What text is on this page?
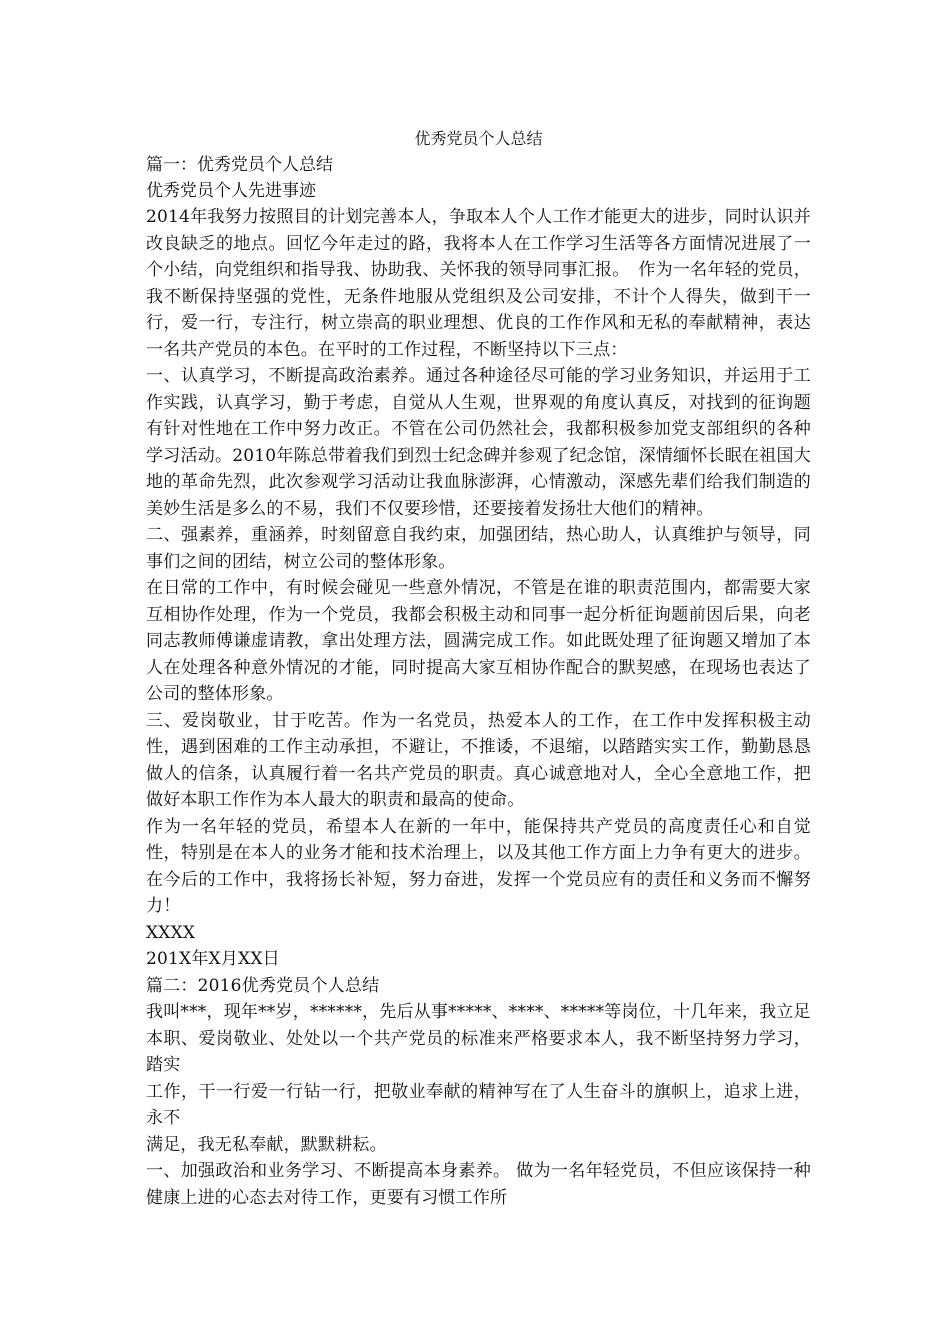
优秀党员个人总结

篇一：优秀党员个人总结

优秀党员个人先进事迹

2014年我努力按照目的计划完善本人，争取本人个人工作才能更大的进步，同时认识并改良缺乏的地点。回忆今年走过的路，我将本人在工作学习生活等各方面情况进展了一个小结，向党组织和指导我、协助我、关怀我的领导同事汇报。　作为一名年轻的党员，我不断保持坚强的党性，无条件地服从党组织及公司安排，不计个人得失，做到干一行，爱一行，专注行，树立崇高的职业理想、优良的工作作风和无私的奉献精神，表达一名共产党员的本色。在平时的工作过程，不断坚持以下三点：

一、认真学习，不断提高政治素养。通过各种途径尽可能的学习业务知识，并运用于工作实践，认真学习，勤于考虑，自觉从人生观，世界观的角度认真反，对找到的征询题有针对性地在工作中努力改正。不管在公司仍然社会，我都积极参加党支部组织的各种学习活动。2010年陈总带着我们到烈士纪念碑并参观了纪念馆，深情缅怀长眠在祖国大地的革命先烈，此次参观学习活动让我血脉澎湃，心情激动，深感先辈们给我们制造的美妙生活是多么的不易，我们不仅要珍惜，还要接着发扬壮大他们的精神。

二、强素养，重涵养，时刻留意自我约束，加强团结，热心助人，认真维护与领导，同事们之间的团结，树立公司的整体形象。

在日常的工作中，有时候会碰见一些意外情况，不管是在谁的职责范围内，都需要大家互相协作处理，作为一个党员，我都会积极主动和同事一起分析征询题前因后果，向老同志教师傅谦虚请教，拿出处理方法，圆满完成工作。如此既处理了征询题又增加了本人在处理各种意外情况的才能，同时提高大家互相协作配合的默契感，在现场也表达了公司的整体形象。

三、爱岗敬业，甘于吃苦。作为一名党员，热爱本人的工作，在工作中发挥积极主动性，遇到困难的工作主动承担，不避让，不推诿，不退缩，以踏踏实实工作，勤勤恳恳做人的信条，认真履行着一名共产党员的职责。真心诚意地对人，全心全意地工作，把做好本职工作作为本人最大的职责和最高的使命。

作为一名年轻的党员，希望本人在新的一年中，能保持共产党员的高度责任心和自觉性，特别是在本人的业务才能和技术治理上，以及其他工作方面上力争有更大的进步。在今后的工作中，我将扬长补短，努力奋进，发挥一个党员应有的责任和义务而不懈努力！

XXXX

201X年X月XX日

篇二：2016优秀党员个人总结

我叫***，现年**岁，******，先后从事*****、****、*****等岗位，十几年来，我立足

本职、爱岗敬业、处处以一个共产党员的标准来严格要求本人，我不断坚持努力学习，踏实

工作，干一行爱一行钻一行，把敬业奉献的精神写在了人生奋斗的旗帜上，追求上进，永不

满足，我无私奉献，默默耕耘。

一、加强政治和业务学习、不断提高本身素养。 做为一名年轻党员，不但应该保持一种健康上进的心态去对待工作，更要有习惯工作所
